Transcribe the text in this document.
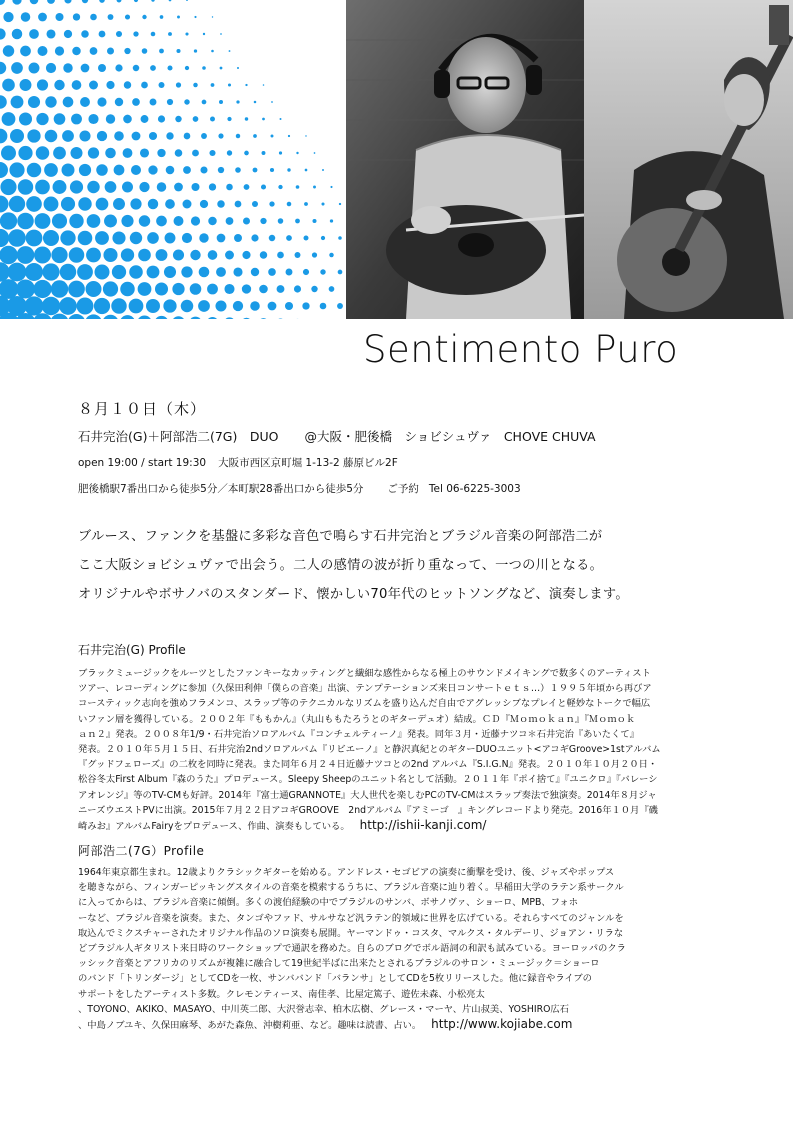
Sentimento Puro
８月１０日（木）
石井完治(G)＋阿部浩二(7G)　DUO @大阪・肥後橋　ショビシュヴァ　CHOVE CHUVA
open 19:00 / start 19:30 大阪市西区京町堀 1-13-2 藤原ビル2F
肥後橋駅7番出口から徒歩5分／本町駅28番出口から徒歩5分 ご予約 Tel 06-6225-3003

ブルース、ファンクを基盤に多彩な音色で鳴らす石井完治とブラジル音楽の阿部浩二が

ここ大阪ショビシュヴァで出会う。二人の感情の波が折り重なって、一つの川となる。

オリジナルやボサノバのスタンダード、懐かしい70年代のヒットソングなど、演奏します。

石井完治(G) Profile
ブラックミュージックをルーツとしたファンキーなカッティングと繊細な感性からなる極上のサウンドメイキングで数多くのアーティスト
ツアー、レコーディングに参加（久保田利伸「僕らの音楽」出演、テンプテーションズ来日コンサートｅｔｓ…）１９９５年頃から再びア
コースティック志向を強めフラメンコ、スラップ等のテクニカルなリズムを盛り込んだ自由でアグレッシブなプレイと軽妙なトークで幅広
いファン層を獲得している。２００２年『ももかん』（丸山ももたろうとのギターデュオ）結成。ＣＤ『Ｍｏｍｏｋａｎ』『Ｍｏｍｏｋ
ａｎ２』発表。２００８年1/9・石井完治ソロアルバム『コンチェルティーノ』発表。同年３月・近藤ナツコ＊石井完治『あいたくて』
発表。２０１０年５月１５日、石井完治2ndソロアルバム『リビエーノ』と静沢真紀とのギターDUOユニット<アコギGroove>1stアルバム
『グッドフェローズ』の二枚を同時に発表。また同年６月２４日近藤ナツコとの2nd アルバム『S.I.G.N』発表。２０１０年１０月２０日・
松谷冬太First Album『森のうた』プロデュース。Sleepy Sheepのユニット名として活動。２０１１年『ポイ捨て』『ユニクロ』『バレーシ
アオレンジ』等のTV-CMも好評。2014年『富士通GRANNOTE』大人世代を楽しむPCのTV-CMはスラップ奏法で独演奏。2014年８月ジャ
ニーズウエストPVに出演。2015年７月２２日アコギGROOVE　2ndアルバム『アミーゴ　』キングレコードより発売。2016年１０月『磯
崎みお』アルバムFairyをプロデュース、作曲、演奏もしている。 http://ishii-kanji.com/
阿部浩二(7G）Profile
1964年東京都生まれ。12歳よりクラシックギターを始める。アンドレス・セゴビアの演奏に衝撃を受け、後、ジャズやポップス
を聴きながら、フィンガーピッキングスタイルの音楽を模索するうちに、ブラジル音楽に辿り着く。早稲田大学のラテン系サークル
に入ってからは、ブラジル音楽に傾倒。多くの渡伯経験の中でブラジルのサンバ、ボサノヴァ、ショーロ、MPB、フォホ
ーなど、ブラジル音楽を演奏。また、タンゴやファド、サルサなど汎ラテン的領域に世界を広げている。それらすべてのジャンルを
取込んでミクスチャーされたオリジナル作品のソロ演奏も展開。ヤーマンドゥ・コスタ、マルクス・タルデーリ、ジョアン・リラな
どブラジル人ギタリスト来日時のワークショップで通訳を務めた。自らのブログでボル語詞の和訳も試みている。ヨーロッパのクラ
ッシック音楽とアフリカのリズムが複雑に融合して19世紀半ばに出来たとされるブラジルのサロン・ミュージック＝ショーロ
のバンド「トリンダージ」としてCDを一枚、サンババンド「バランサ」としてCDを5枚リリースした。他に録音やライブの
サポートをしたアーティスト多数。クレモンティーヌ、南佳孝、比屋定篤子、遊佐未森、小松亮太
、TOYONO、AKIKO、MASAYO、中川英二郎、大沢誉志幸、柏木広樹、グレース・マーヤ、片山叔美、YOSHIRO広石
、中島ノブユキ、久保田麻琴、あがた森魚、沖樹莉亜、など。趣味は読書、占い。 http://www.kojiabe.com
